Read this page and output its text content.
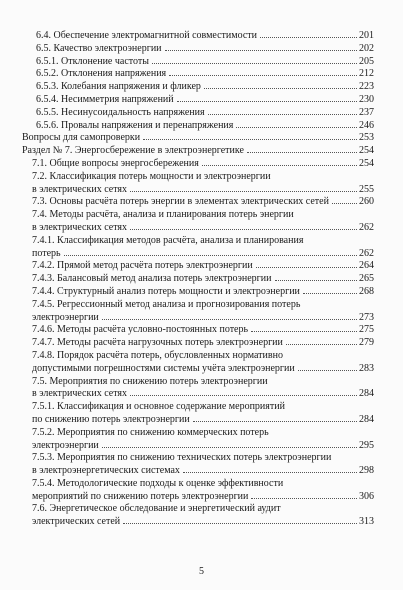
6.4. Обеспечение электромагнитной совместимости	201
6.5. Качество электроэнергии	202
6.5.1. Отклонение частоты	205
6.5.2. Отклонения напряжения	212
6.5.3. Колебания напряжения и фликер	223
6.5.4. Несимметрия напряжений	230
6.5.5. Несинусоидальность напряжения	237
6.5.6. Провалы напряжения и перенапряжения	246
Вопросы для самопроверки	253
Раздел № 7. Энергосбережение в электроэнергетике	254
7.1. Общие вопросы энергосбережения	254
7.2. Классификация потерь мощности и электроэнергии
в электрических сетях	255
7.3. Основы расчёта потерь энергии в элементах электрических сетей	260
7.4. Методы расчёта, анализа и планирования потерь энергии
в электрических сетях	262
7.4.1. Классификация методов расчёта, анализа и планирования
потерь	262
7.4.2. Прямой метод расчёта потерь электроэнергии	264
7.4.3. Балансовый метод анализа потерь электроэнергии	265
7.4.4. Структурный анализ потерь мощности и электроэнергии	268
7.4.5. Регрессионный метод анализа и прогнозирования потерь
электроэнергии	273
7.4.6. Методы расчёта условно-постоянных потерь	275
7.4.7. Методы расчёта нагрузочных потерь электроэнергии	279
7.4.8. Порядок расчёта потерь, обусловленных нормативно
допустимыми погрешностями системы учёта электроэнергии	283
7.5. Мероприятия по снижению потерь электроэнергии
в электрических сетях	284
7.5.1. Классификация и основное содержание мероприятий
по снижению потерь электроэнергии	284
7.5.2. Мероприятия по снижению коммерческих потерь
электроэнергии	295
7.5.3. Мероприятия по снижению технических потерь электроэнергии
в электроэнергетических системах	298
7.5.4. Методологические подходы к оценке эффективности
мероприятий по снижению потерь электроэнергии	306
7.6. Энергетическое обследование и энергетический аудит
электрических сетей	313
5
